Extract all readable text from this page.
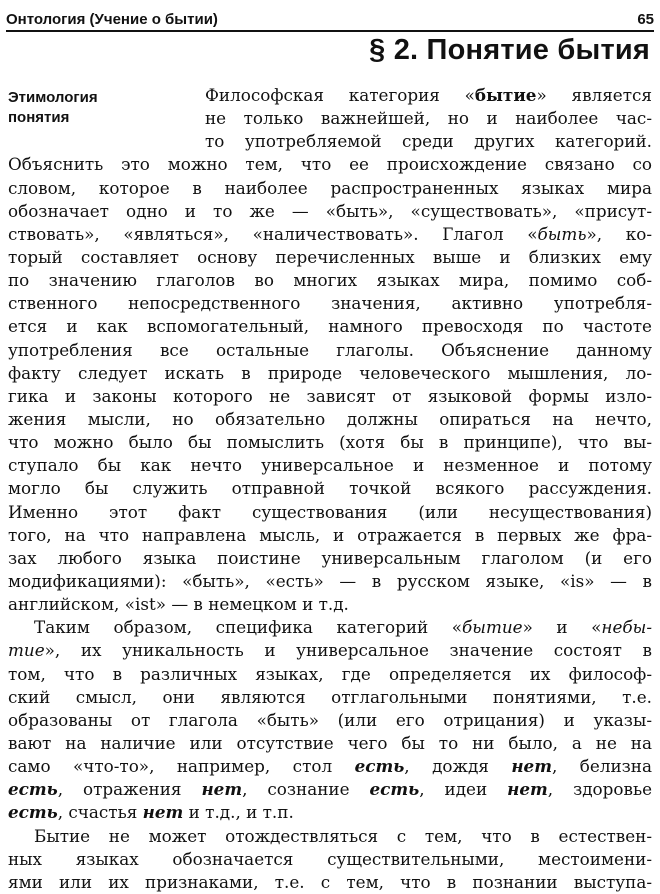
Онтология (Учение о бытии)	65
§ 2. Понятие бытия
Этимология
понятия
Философская категория «бытие» является
не только важнейшей, но и наиболее час-
то употребляемой среди других категорий.
Объяснить это можно тем, что ее происхождение связано со
словом, которое в наиболее распространенных языках мира
обозначает одно и то же — «быть», «существовать», «присут-
ствовать», «являться», «наличествовать». Глагол «быть», ко-
торый составляет основу перечисленных выше и близких ему
по значению глаголов во многих языках мира, помимо соб-
ственного непосредственного значения, активно употребля-
ется и как вспомогательный, намного превосходя по частоте
употребления все остальные глаголы. Объяснение данному
факту следует искать в природе человеческого мышления, ло-
гика и законы которого не зависят от языковой формы изло-
жения мысли, но обязательно должны опираться на нечто,
что можно было бы помыслить (хотя бы в принципе), что вы-
ступало бы как нечто универсальное и незменное и потому
могло бы служить отправной точкой всякого рассуждения.
Именно этот факт существования (или несуществования)
того, на что направлена мысль, и отражается в первых же фра-
зах любого языка поистине универсальным глаголом (и его
модификациями): «быть», «есть» — в русском языке, «is» — в
английском, «ist» — в немецком и т.д.
Таким образом, специфика категорий «бытие» и «небы-
тие», их уникальность и универсальное значение состоят в
том, что в различных языках, где определяется их философ-
ский смысл, они являются отглагольными понятиями, т.е.
образованы от глагола «быть» (или его отрицания) и указы-
вают на наличие или отсутствие чего бы то ни было, а не на
само «что-то», например, стол есть, дождя нет, белизна
есть, отражения нет, сознание есть, идеи нет, здоровье
есть, счастья нет и т.д., и т.п.
Бытие не может отождествляться с тем, что в естествен-
ных языках обозначается существительными, местоимени-
ями или их признаками, т.е. с тем, что в познании выступа-
